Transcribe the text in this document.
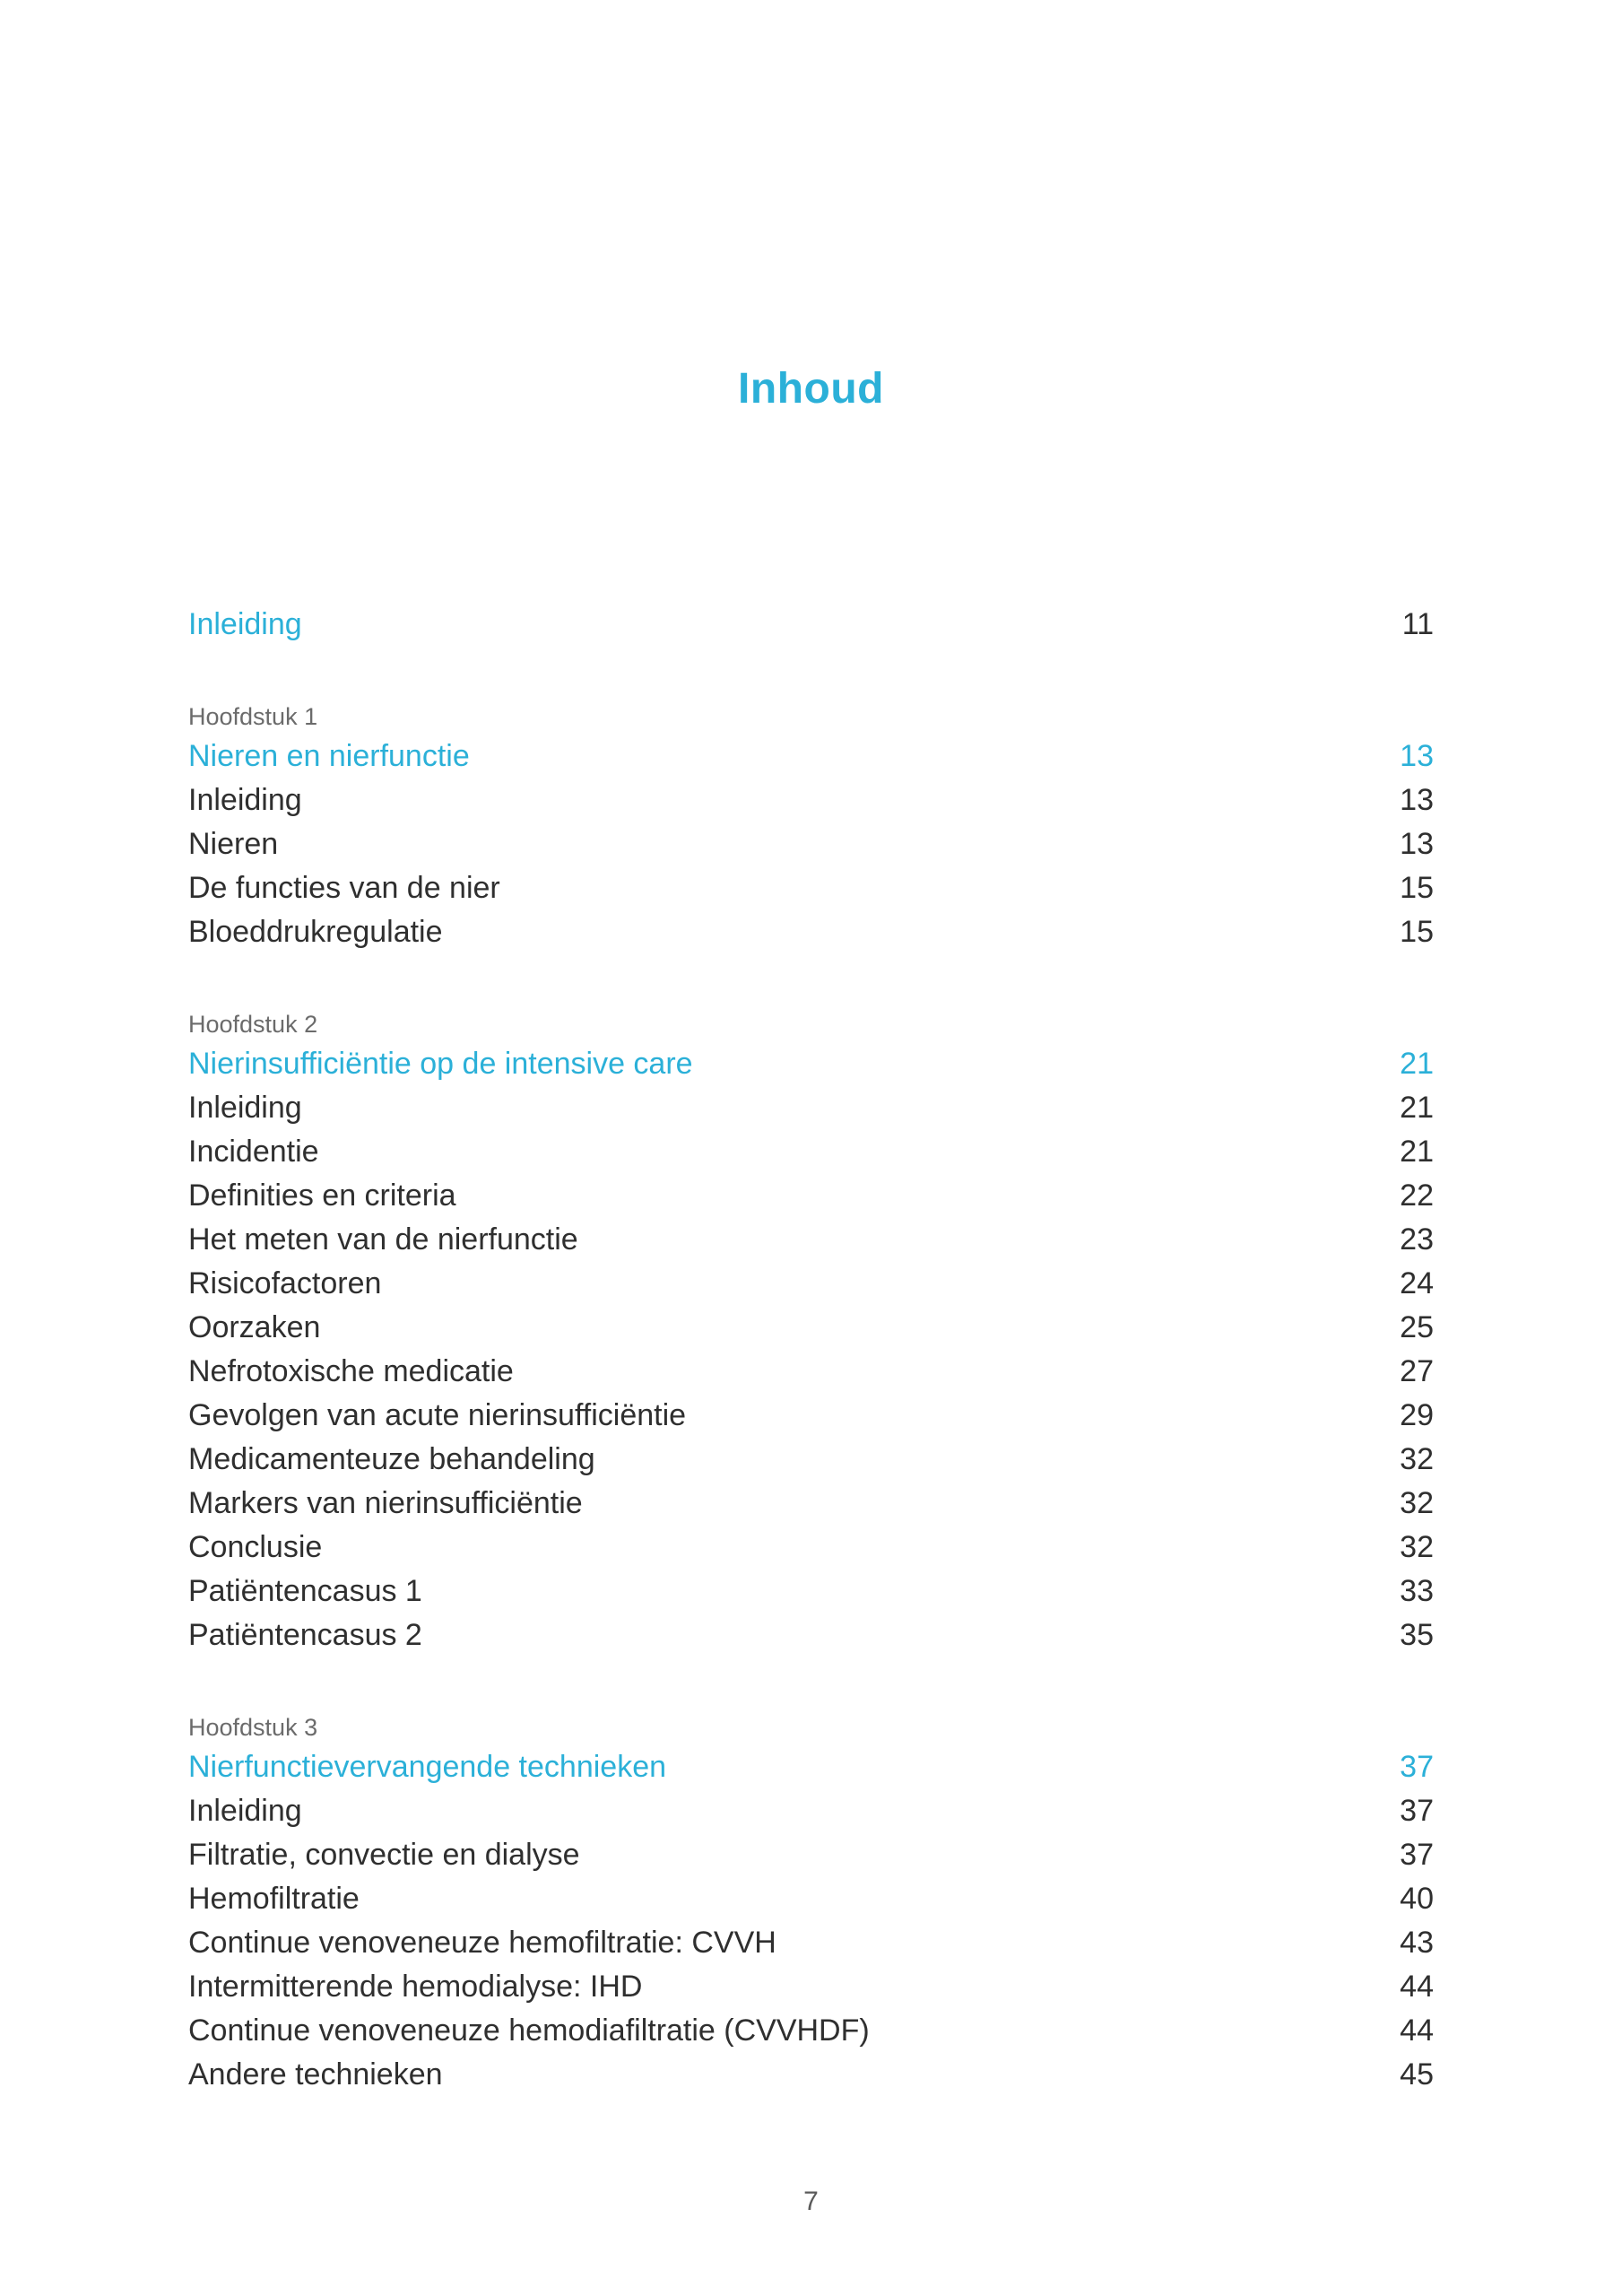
Inhoud
Inleiding	11
Hoofdstuk 1
Nieren en nierfunctie	13
Inleiding	13
Nieren	13
De functies van de nier	15
Bloeddrukregulatie	15
Hoofdstuk 2
Nierinsufficiëntie op de intensive care	21
Inleiding	21
Incidentie	21
Definities en criteria	22
Het meten van de nierfunctie	23
Risicofactoren	24
Oorzaken	25
Nefrotoxische medicatie	27
Gevolgen van acute nierinsufficiëntie	29
Medicamenteuze behandeling	32
Markers van nierinsufficiëntie	32
Conclusie	32
Patiëntencasus 1	33
Patiëntencasus 2	35
Hoofdstuk 3
Nierfunctievervangende technieken	37
Inleiding	37
Filtratie, convectie en dialyse	37
Hemofiltratie	40
Continue venoveneuze hemofiltratie: CVVH	43
Intermitterende hemodialyse: IHD	44
Continue venoveneuze hemodiafiltratie (CVVHDF)	44
Andere technieken	45
7
